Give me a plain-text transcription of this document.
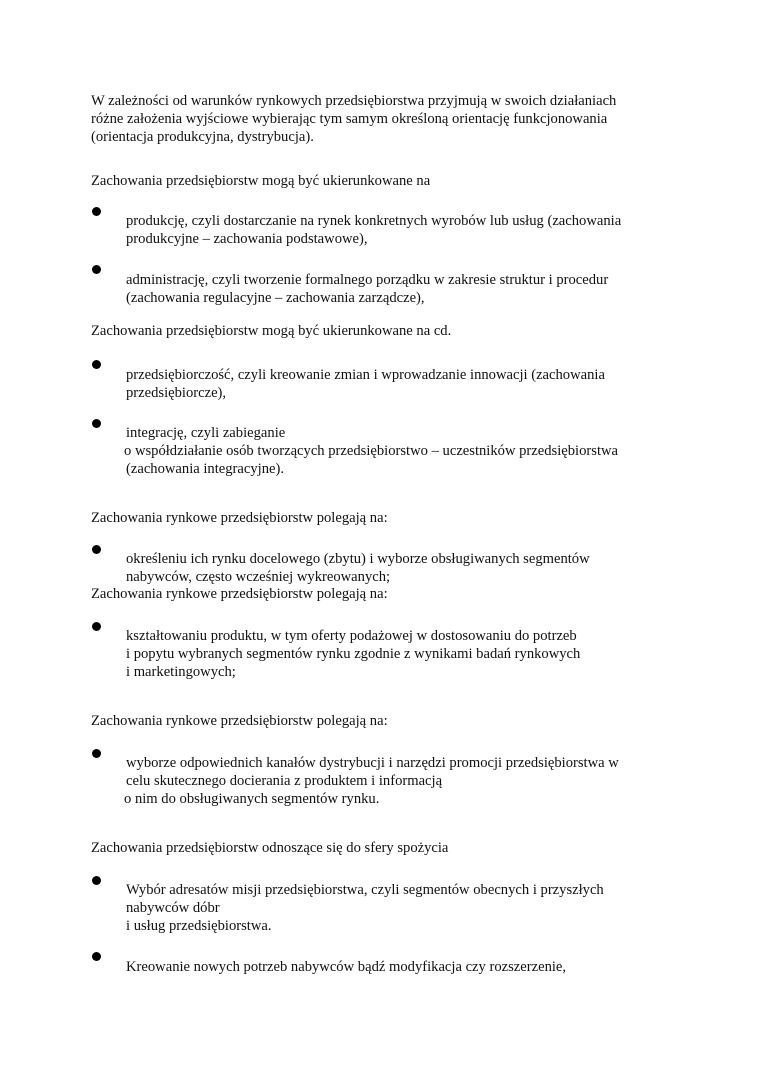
W zależności od warunków rynkowych przedsiębiorstwa przyjmują w swoich działaniach
różne założenia wyjściowe wybierając tym samym określoną orientację funkcjonowania
(orientacja produkcyjna, dystrybucja).
Zachowania przedsiębiorstw mogą być ukierunkowane na
produkcję, czyli dostarczanie na rynek konkretnych wyrobów lub usług (zachowania
produkcyjne – zachowania podstawowe),
administrację, czyli tworzenie formalnego porządku w zakresie struktur i procedur
(zachowania regulacyjne – zachowania zarządcze),
Zachowania przedsiębiorstw mogą być ukierunkowane na cd.
przedsiębiorczość, czyli kreowanie zmian i wprowadzanie innowacji (zachowania
przedsiębiorcze),
integrację, czyli zabieganie
o współdziałanie osób tworzących przedsiębiorstwo – uczestników przedsiębiorstwa
(zachowania integracyjne).
Zachowania rynkowe przedsiębiorstw polegają na:
określeniu ich rynku docelowego (zbytu) i wyborze obsługiwanych segmentów
nabywców, często wcześniej wykreowanych;
Zachowania rynkowe przedsiębiorstw polegają na:
kształtowaniu produktu, w tym oferty podażowej w dostosowaniu do potrzeb
i popytu wybranych segmentów rynku zgodnie z wynikami badań rynkowych
i marketingowych;
Zachowania rynkowe przedsiębiorstw polegają na:
wyborze odpowiednich kanałów dystrybucji i narzędzi promocji przedsiębiorstwa w
celu skutecznego docierania z produktem i informacją
o nim do obsługiwanych segmentów rynku.
Zachowania przedsiębiorstw odnoszące się do sfery spożycia
Wybór adresatów misji przedsiębiorstwa, czyli segmentów obecnych i przyszłych
nabywców dóbr
i usług przedsiębiorstwa.
Kreowanie nowych potrzeb nabywców bądź modyfikacja czy rozszerzenie,
